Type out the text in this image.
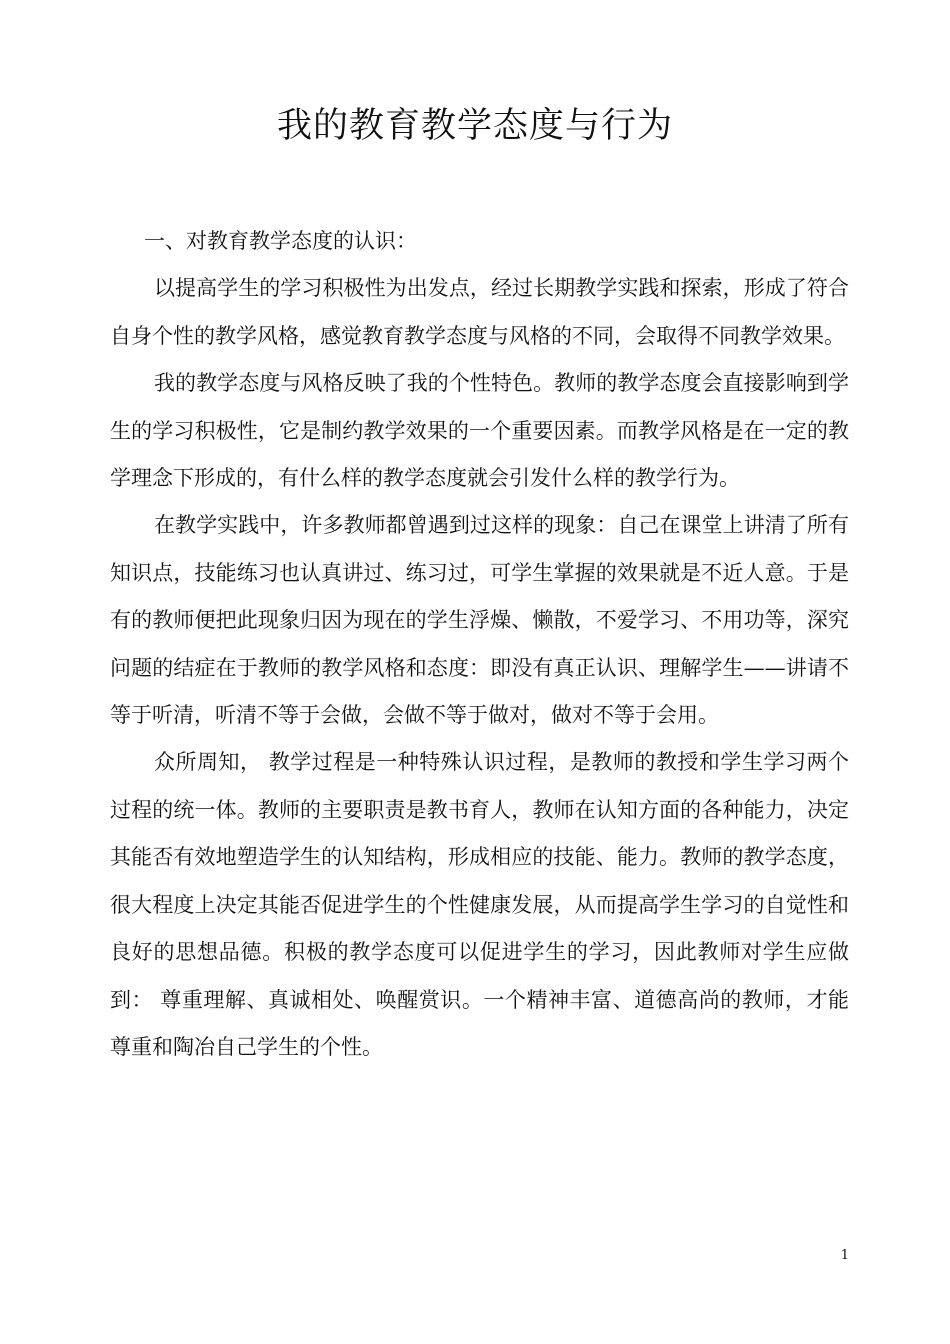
我的教育教学态度与行为

一、对教育教学态度的认识：

以提高学生的学习积极性为出发点，经过长期教学实践和探索，形成了符合自身个性的教学风格，感觉教育教学态度与风格的不同，会取得不同教学效果。

我的教学态度与风格反映了我的个性特色。教师的教学态度会直接影响到学生的学习积极性，它是制约教学效果的一个重要因素。而教学风格是在一定的教学理念下形成的，有什么样的教学态度就会引发什么样的教学行为。

在教学实践中，许多教师都曾遇到过这样的现象：自己在课堂上讲清了所有知识点，技能练习也认真讲过、练习过，可学生掌握的效果就是不近人意。于是有的教师便把此现象归因为现在的学生浮燥、懒散，不爱学习、不用功等，深究问题的结症在于教师的教学风格和态度：即没有真正认识、理解学生——讲请不等于听清，听清不等于会做，会做不等于做对，做对不等于会用。

众所周知， 教学过程是一种特殊认识过程，是教师的教授和学生学习两个过程的统一体。教师的主要职责是教书育人，教师在认知方面的各种能力，决定其能否有效地塑造学生的认知结构，形成相应的技能、能力。教师的教学态度，很大程度上决定其能否促进学生的个性健康发展，从而提高学生学习的自觉性和良好的思想品德。积极的教学态度可以促进学生的学习，因此教师对学生应做到： 尊重理解、真诚相处、唤醒赏识。一个精神丰富、道德高尚的教师，才能尊重和陶冶自己学生的个性。

1
